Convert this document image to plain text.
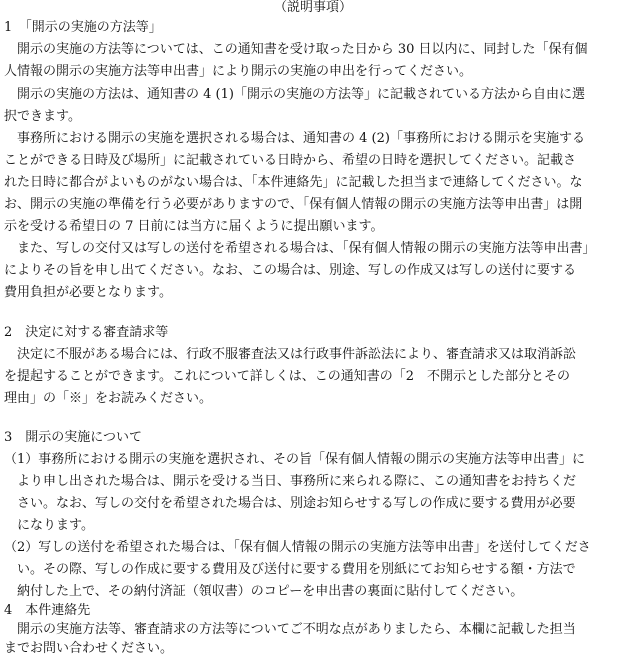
（説明事項）

1　「開示の実施の方法等」

　開示の実施の方法等については、この通知書を受け取った日から 30 日以内に、同封した「保有個

人情報の開示の実施方法等申出書」により開示の実施の申出を行ってください。

　開示の実施の方法は、通知書の 4 (1)「開示の実施の方法等」に記載されている方法から自由に選

択できます。

　事務所における開示の実施を選択される場合は、通知書の 4 (2)「事務所における開示を実施する

ことができる日時及び場所」に記載されている日時から、希望の日時を選択してください。記載さ

れた日時に都合がよいものがない場合は、「本件連絡先」に記載した担当まで連絡してください。な

お、開示の実施の準備を行う必要がありますので、「保有個人情報の開示の実施方法等申出書」は開

示を受ける希望日の 7 日前には当方に届くように提出願います。

　また、写しの交付又は写しの送付を希望される場合は、「保有個人情報の開示の実施方法等申出書」

によりその旨を申し出てください。なお、この場合は、別途、写しの作成又は写しの送付に要する

費用負担が必要となります。

2　決定に対する審査請求等

　決定に不服がある場合には、行政不服審査法又は行政事件訴訟法により、審査請求又は取消訴訟

を提起することができます。これについて詳しくは、この通知書の「2　不開示とした部分とその

理由」の「※」をお読みください。

3　開示の実施について

（1）事務所における開示の実施を選択され、その旨「保有個人情報の開示の実施方法等申出書」に

　より申し出された場合は、開示を受ける当日、事務所に来られる際に、この通知書をお持ちくだ

　さい。なお、写しの交付を希望された場合は、別途お知らせする写しの作成に要する費用が必要

　になります。

（2）写しの送付を希望された場合は、「保有個人情報の開示の実施方法等申出書」を送付してくださ

　い。その際、写しの作成に要する費用及び送付に要する費用を別紙にてお知らせする額・方法で

　納付した上で、その納付済証（領収書）のコピーを申出書の裏面に貼付してください。

4　本件連絡先

　開示の実施方法等、審査請求の方法等についてご不明な点がありましたら、本欄に記載した担当

までお問い合わせください。
